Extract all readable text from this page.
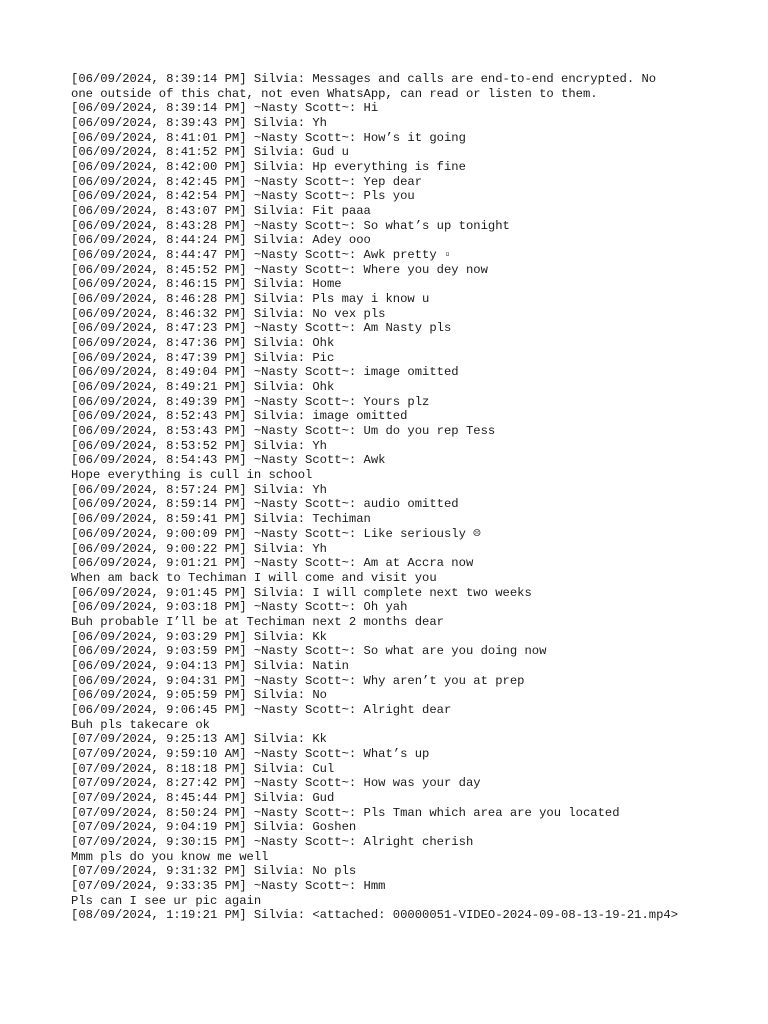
[06/09/2024, 8:39:14 PM] Silvia: Messages and calls are end-to-end encrypted. No
one outside of this chat, not even WhatsApp, can read or listen to them.
[06/09/2024, 8:39:14 PM] ~Nasty Scott~: Hi
[06/09/2024, 8:39:43 PM] Silvia: Yh
[06/09/2024, 8:41:01 PM] ~Nasty Scott~: How’s it going
[06/09/2024, 8:41:52 PM] Silvia: Gud u
[06/09/2024, 8:42:00 PM] Silvia: Hp everything is fine
[06/09/2024, 8:42:45 PM] ~Nasty Scott~: Yep dear
[06/09/2024, 8:42:54 PM] ~Nasty Scott~: Pls you
[06/09/2024, 8:43:07 PM] Silvia: Fit paaa
[06/09/2024, 8:43:28 PM] ~Nasty Scott~: So what’s up tonight
[06/09/2024, 8:44:24 PM] Silvia: Adey ooo
[06/09/2024, 8:44:47 PM] ~Nasty Scott~: Awk pretty ▫
[06/09/2024, 8:45:52 PM] ~Nasty Scott~: Where you dey now
[06/09/2024, 8:46:15 PM] Silvia: Home
[06/09/2024, 8:46:28 PM] Silvia: Pls may i know u
[06/09/2024, 8:46:32 PM] Silvia: No vex pls
[06/09/2024, 8:47:23 PM] ~Nasty Scott~: Am Nasty pls
[06/09/2024, 8:47:36 PM] Silvia: Ohk
[06/09/2024, 8:47:39 PM] Silvia: Pic
[06/09/2024, 8:49:04 PM] ~Nasty Scott~: image omitted
[06/09/2024, 8:49:21 PM] Silvia: Ohk
[06/09/2024, 8:49:39 PM] ~Nasty Scott~: Yours plz
[06/09/2024, 8:52:43 PM] Silvia: image omitted
[06/09/2024, 8:53:43 PM] ~Nasty Scott~: Um do you rep Tess
[06/09/2024, 8:53:52 PM] Silvia: Yh
[06/09/2024, 8:54:43 PM] ~Nasty Scott~: Awk
Hope everything is cull in school
[06/09/2024, 8:57:24 PM] Silvia: Yh
[06/09/2024, 8:59:14 PM] ~Nasty Scott~: audio omitted
[06/09/2024, 8:59:41 PM] Silvia: Techiman
[06/09/2024, 9:00:09 PM] ~Nasty Scott~: Like seriously ☹
[06/09/2024, 9:00:22 PM] Silvia: Yh
[06/09/2024, 9:01:21 PM] ~Nasty Scott~: Am at Accra now
When am back to Techiman I will come and visit you
[06/09/2024, 9:01:45 PM] Silvia: I will complete next two weeks
[06/09/2024, 9:03:18 PM] ~Nasty Scott~: Oh yah
Buh probable I’ll be at Techiman next 2 months dear
[06/09/2024, 9:03:29 PM] Silvia: Kk
[06/09/2024, 9:03:59 PM] ~Nasty Scott~: So what are you doing now
[06/09/2024, 9:04:13 PM] Silvia: Natin
[06/09/2024, 9:04:31 PM] ~Nasty Scott~: Why aren’t you at prep
[06/09/2024, 9:05:59 PM] Silvia: No
[06/09/2024, 9:06:45 PM] ~Nasty Scott~: Alright dear
Buh pls takecare ok
[07/09/2024, 9:25:13 AM] Silvia: Kk
[07/09/2024, 9:59:10 AM] ~Nasty Scott~: What’s up
[07/09/2024, 8:18:18 PM] Silvia: Cul
[07/09/2024, 8:27:42 PM] ~Nasty Scott~: How was your day
[07/09/2024, 8:45:44 PM] Silvia: Gud
[07/09/2024, 8:50:24 PM] ~Nasty Scott~: Pls Tman which area are you located
[07/09/2024, 9:04:19 PM] Silvia: Goshen
[07/09/2024, 9:30:15 PM] ~Nasty Scott~: Alright cherish
Mmm pls do you know me well
[07/09/2024, 9:31:32 PM] Silvia: No pls
[07/09/2024, 9:33:35 PM] ~Nasty Scott~: Hmm
Pls can I see ur pic again
[08/09/2024, 1:19:21 PM] Silvia: <attached: 00000051-VIDEO-2024-09-08-13-19-21.mp4>
